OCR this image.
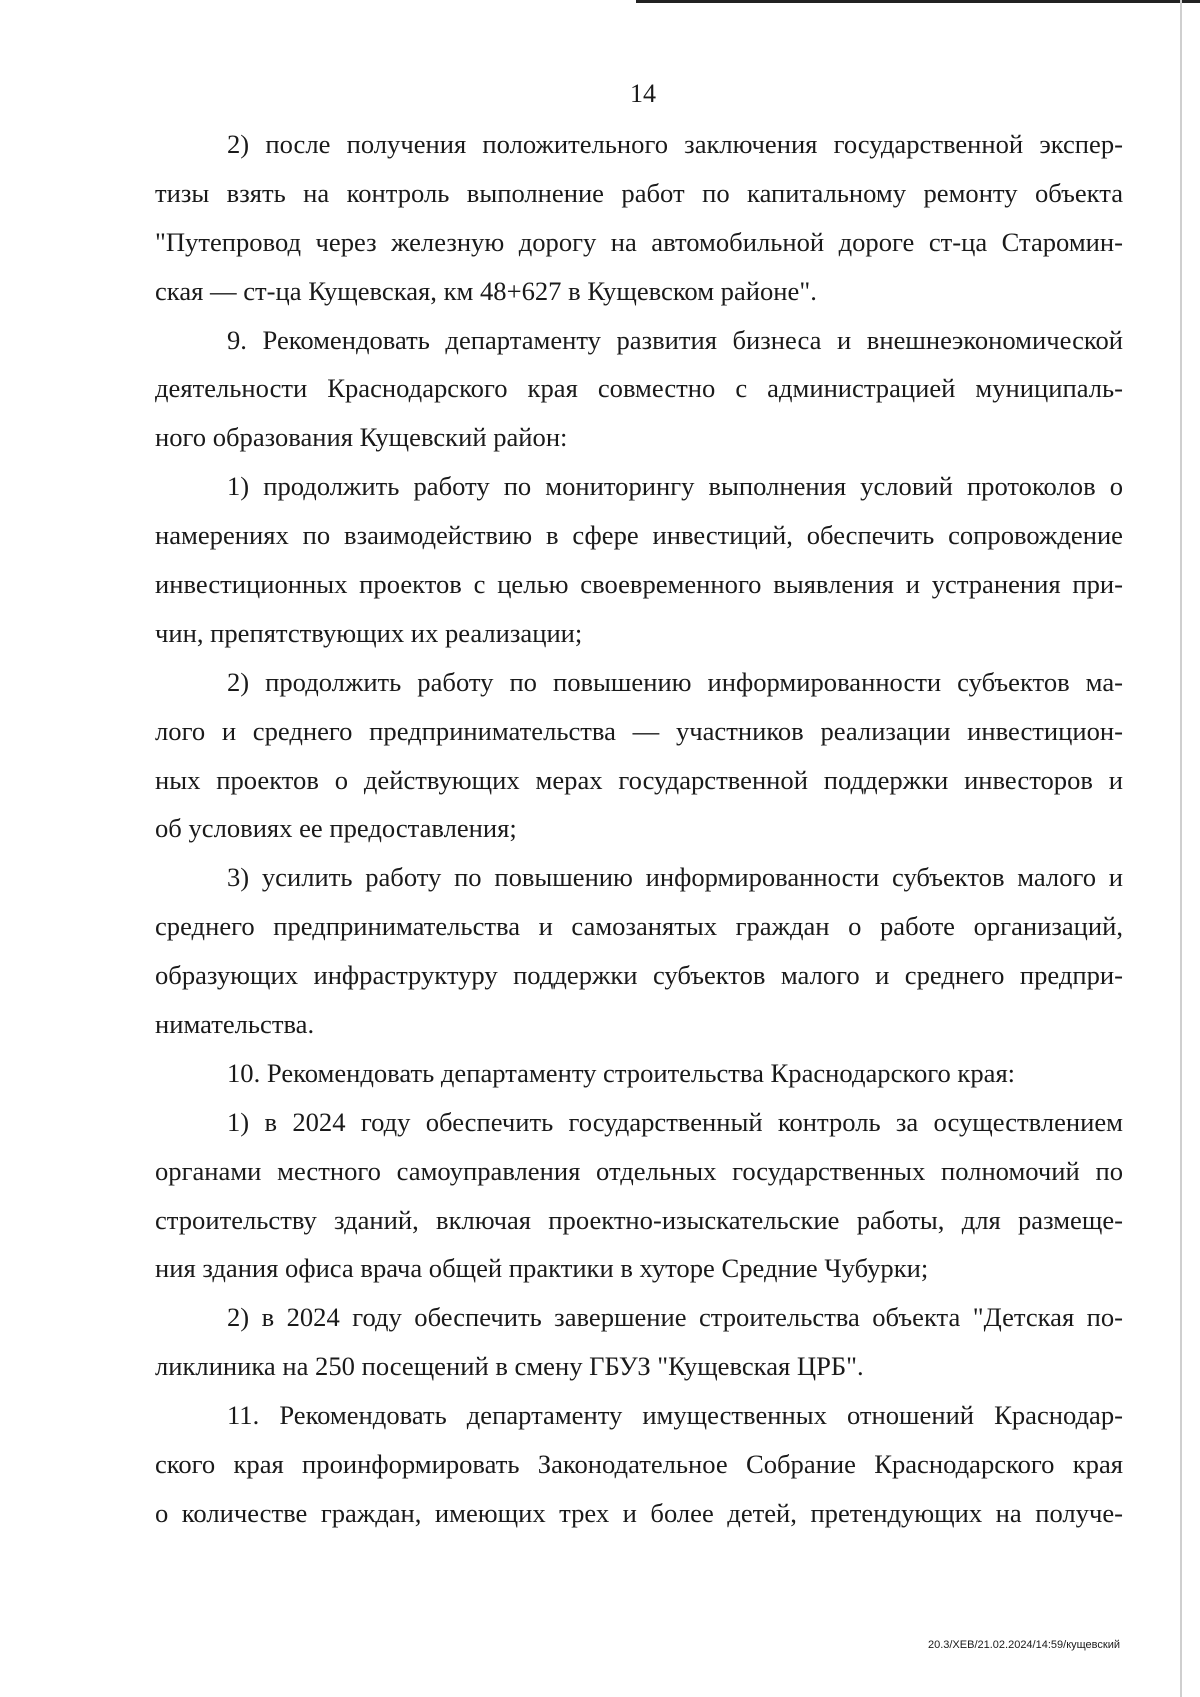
14
2) после получения положительного заключения государственной экспер-
тизы взять на контроль выполнение работ по капитальному ремонту объекта
"Путепровод через железную дорогу на автомобильной дороге ст-ца Старомин-
ская — ст-ца Кущевская, км 48+627 в Кущевском районе".
9. Рекомендовать департаменту развития бизнеса и внешнеэкономической
деятельности Краснодарского края совместно с администрацией муниципаль-
ного образования Кущевский район:
1) продолжить работу по мониторингу выполнения условий протоколов о
намерениях по взаимодействию в сфере инвестиций, обеспечить сопровождение
инвестиционных проектов с целью своевременного выявления и устранения при-
чин, препятствующих их реализации;
2) продолжить работу по повышению информированности субъектов ма-
лого и среднего предпринимательства — участников реализации инвестицион-
ных проектов о действующих мерах государственной поддержки инвесторов и
об условиях ее предоставления;
3) усилить работу по повышению информированности субъектов малого и
среднего предпринимательства и самозанятых граждан о работе организаций,
образующих инфраструктуру поддержки субъектов малого и среднего предпри-
нимательства.
10. Рекомендовать департаменту строительства Краснодарского края:
1) в 2024 году обеспечить государственный контроль за осуществлением
органами местного самоуправления отдельных государственных полномочий по
строительству зданий, включая проектно-изыскательские работы, для размеще-
ния здания офиса врача общей практики в хуторе Средние Чубурки;
2) в 2024 году обеспечить завершение строительства объекта "Детская по-
ликлиника на 250 посещений в смену ГБУЗ "Кущевская ЦРБ".
11. Рекомендовать департаменту имущественных отношений Краснодар-
ского края проинформировать Законодательное Собрание Краснодарского края
о количестве граждан, имеющих трех и более детей, претендующих на получе-
20.3/ХЕВ/21.02.2024/14:59/кущевский
